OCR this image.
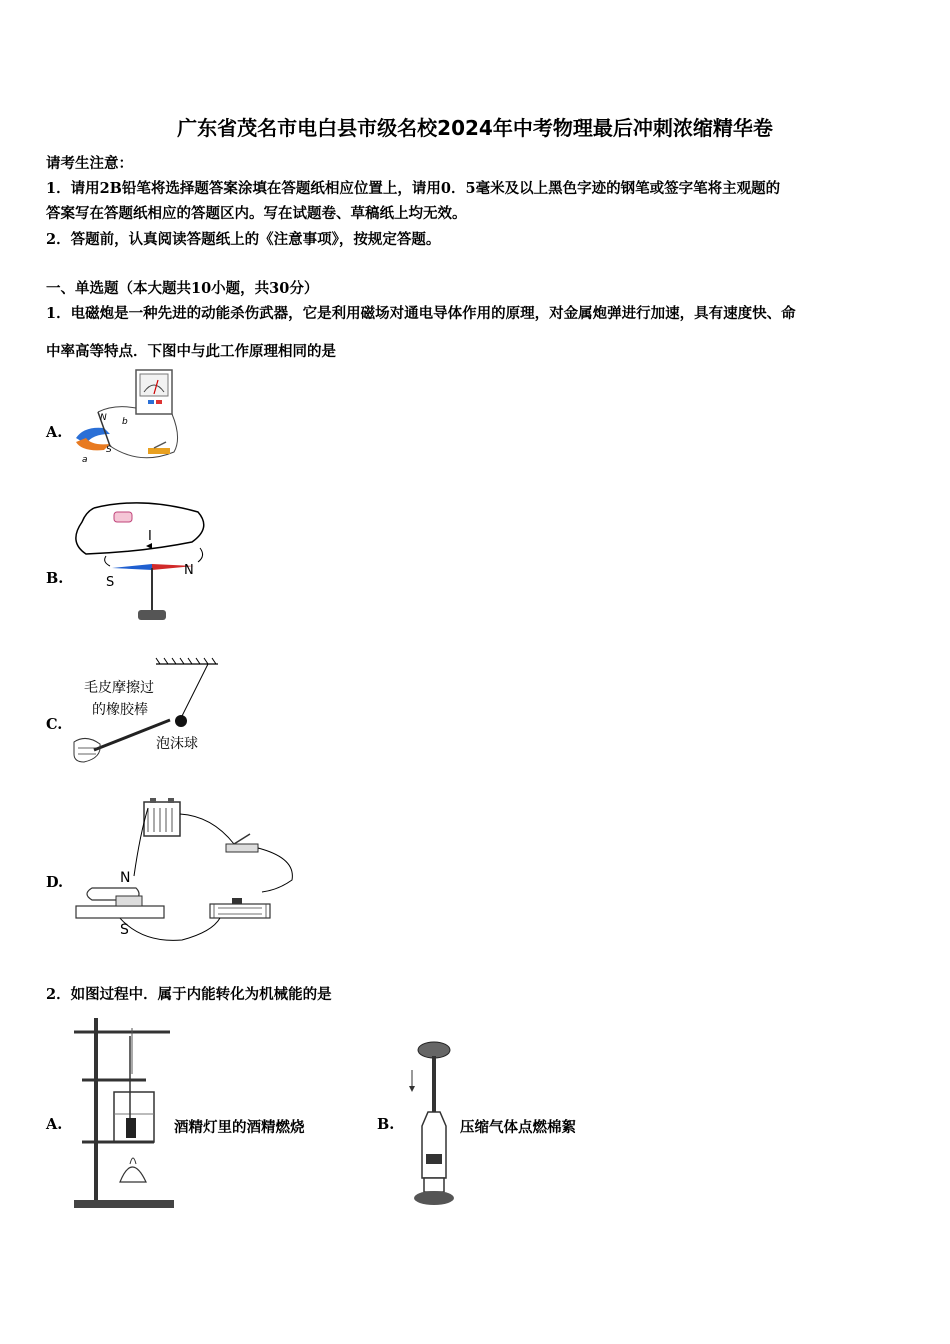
广东省茂名市电白县市级名校2024年中考物理最后冲刺浓缩精华卷
请考生注意：
1．请用2B铅笔将选择题答案涂填在答题纸相应位置上，请用0．5毫米及以上黑色字迹的钢笔或签字笔将主观题的
答案写在答题纸相应的答题区内。写在试题卷、草稿纸上均无效。
2．答题前，认真阅读答题纸上的《注意事项》，按规定答题。
一、单选题（本大题共10小题，共30分）
1．电磁炮是一种先进的动能杀伤武器，它是利用磁场对通电导体作用的原理，对金属炮弹进行加速，具有速度快、命
中率高等特点．下图中与此工作原理相同的是
A.
N
S
a
b
B.
I
S
N
C.
毛皮摩擦过
的橡胶棒
泡沫球
D.	N
S
2．如图过程中．属于内能转化为机械能的是
A.	酒精灯里的酒精燃烧	B.	压缩气体点燃棉絮
